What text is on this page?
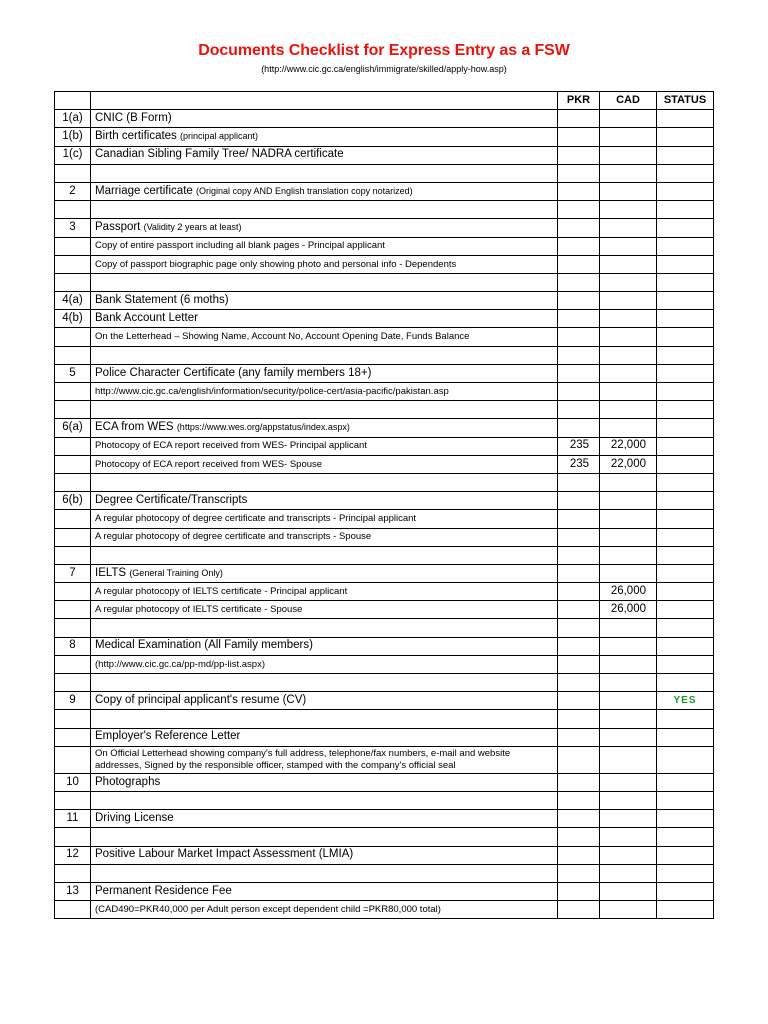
Documents Checklist for Express Entry as a FSW
(http://www.cic.gc.ca/english/immigrate/skilled/apply-how.asp)
		PKR	CAD	STATUS
1(a)	CNIC (B Form)			
1(b)	Birth certificates (principal applicant)			
1(c)	Canadian Sibling Family Tree/ NADRA certificate			

2	Marriage certificate (Original copy AND English translation copy notarized)			

3	Passport (Validity 2 years at least)			
	Copy of entire passport including all blank pages - Principal applicant			
	Copy of passport biographic page only showing photo and personal info - Dependents			

4(a)	Bank Statement (6 moths)			
4(b)	Bank Account Letter			
	On the Letterhead – Showing Name, Account No, Account Opening Date, Funds Balance			

5	Police Character Certificate (any family members 18+)			
	http://www.cic.gc.ca/english/information/security/police-cert/asia-pacific/pakistan.asp			

6(a)	ECA from WES (https://www.wes.org/appstatus/index.aspx)			
	Photocopy of ECA report received from WES- Principal applicant	235	22,000	
	Photocopy of ECA report received from WES- Spouse	235	22,000	

6(b)	Degree Certificate/Transcripts			
	A regular photocopy of degree certificate and transcripts - Principal applicant			
	A regular photocopy of degree certificate and transcripts - Spouse			

7	IELTS (General Training Only)			
	A regular photocopy of IELTS certificate - Principal applicant		26,000	
	A regular photocopy of IELTS certificate - Spouse		26,000	

8	Medical Examination (All Family members)			
	(http://www.cic.gc.ca/pp-md/pp-list.aspx)			

9	Copy of principal applicant's resume (CV)			YES

	Employer's Reference Letter			
	On Official Letterhead showing company's full address, telephone/fax numbers, e-mail and website addresses, Signed by the responsible officer, stamped with the company's official seal			
10	Photographs			

11	Driving License			

12	Positive Labour Market Impact Assessment (LMIA)			

13	Permanent Residence Fee			
	(CAD490=PKR40,000 per Adult person except dependent child =PKR80,000 total)			
